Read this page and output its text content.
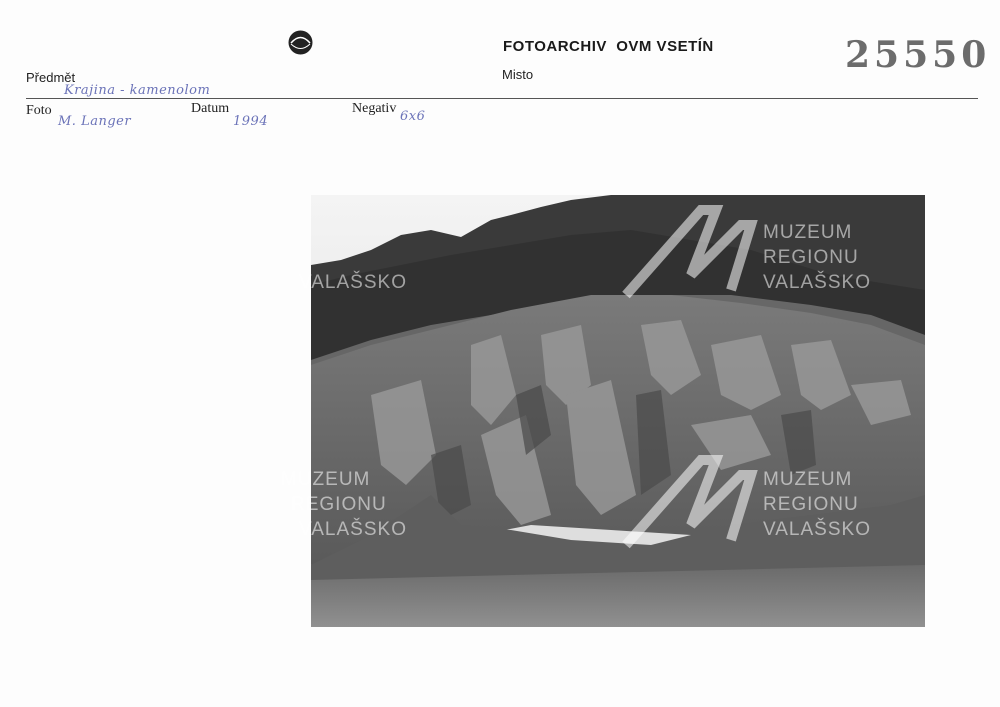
FOTOARCHIV  OVM VSETÍN	25550
Předmět
Krajina - kamenolom
Misto
Foto
M. Langer
Datum
1994
Negativ
6x6
MUZEUM
REGIONU
VALAŠSKO
MUZEUM
REGIONU
VALAŠSKO
VALAŠSKO
MUZEUM
REGIONU
VALAŠSKO
